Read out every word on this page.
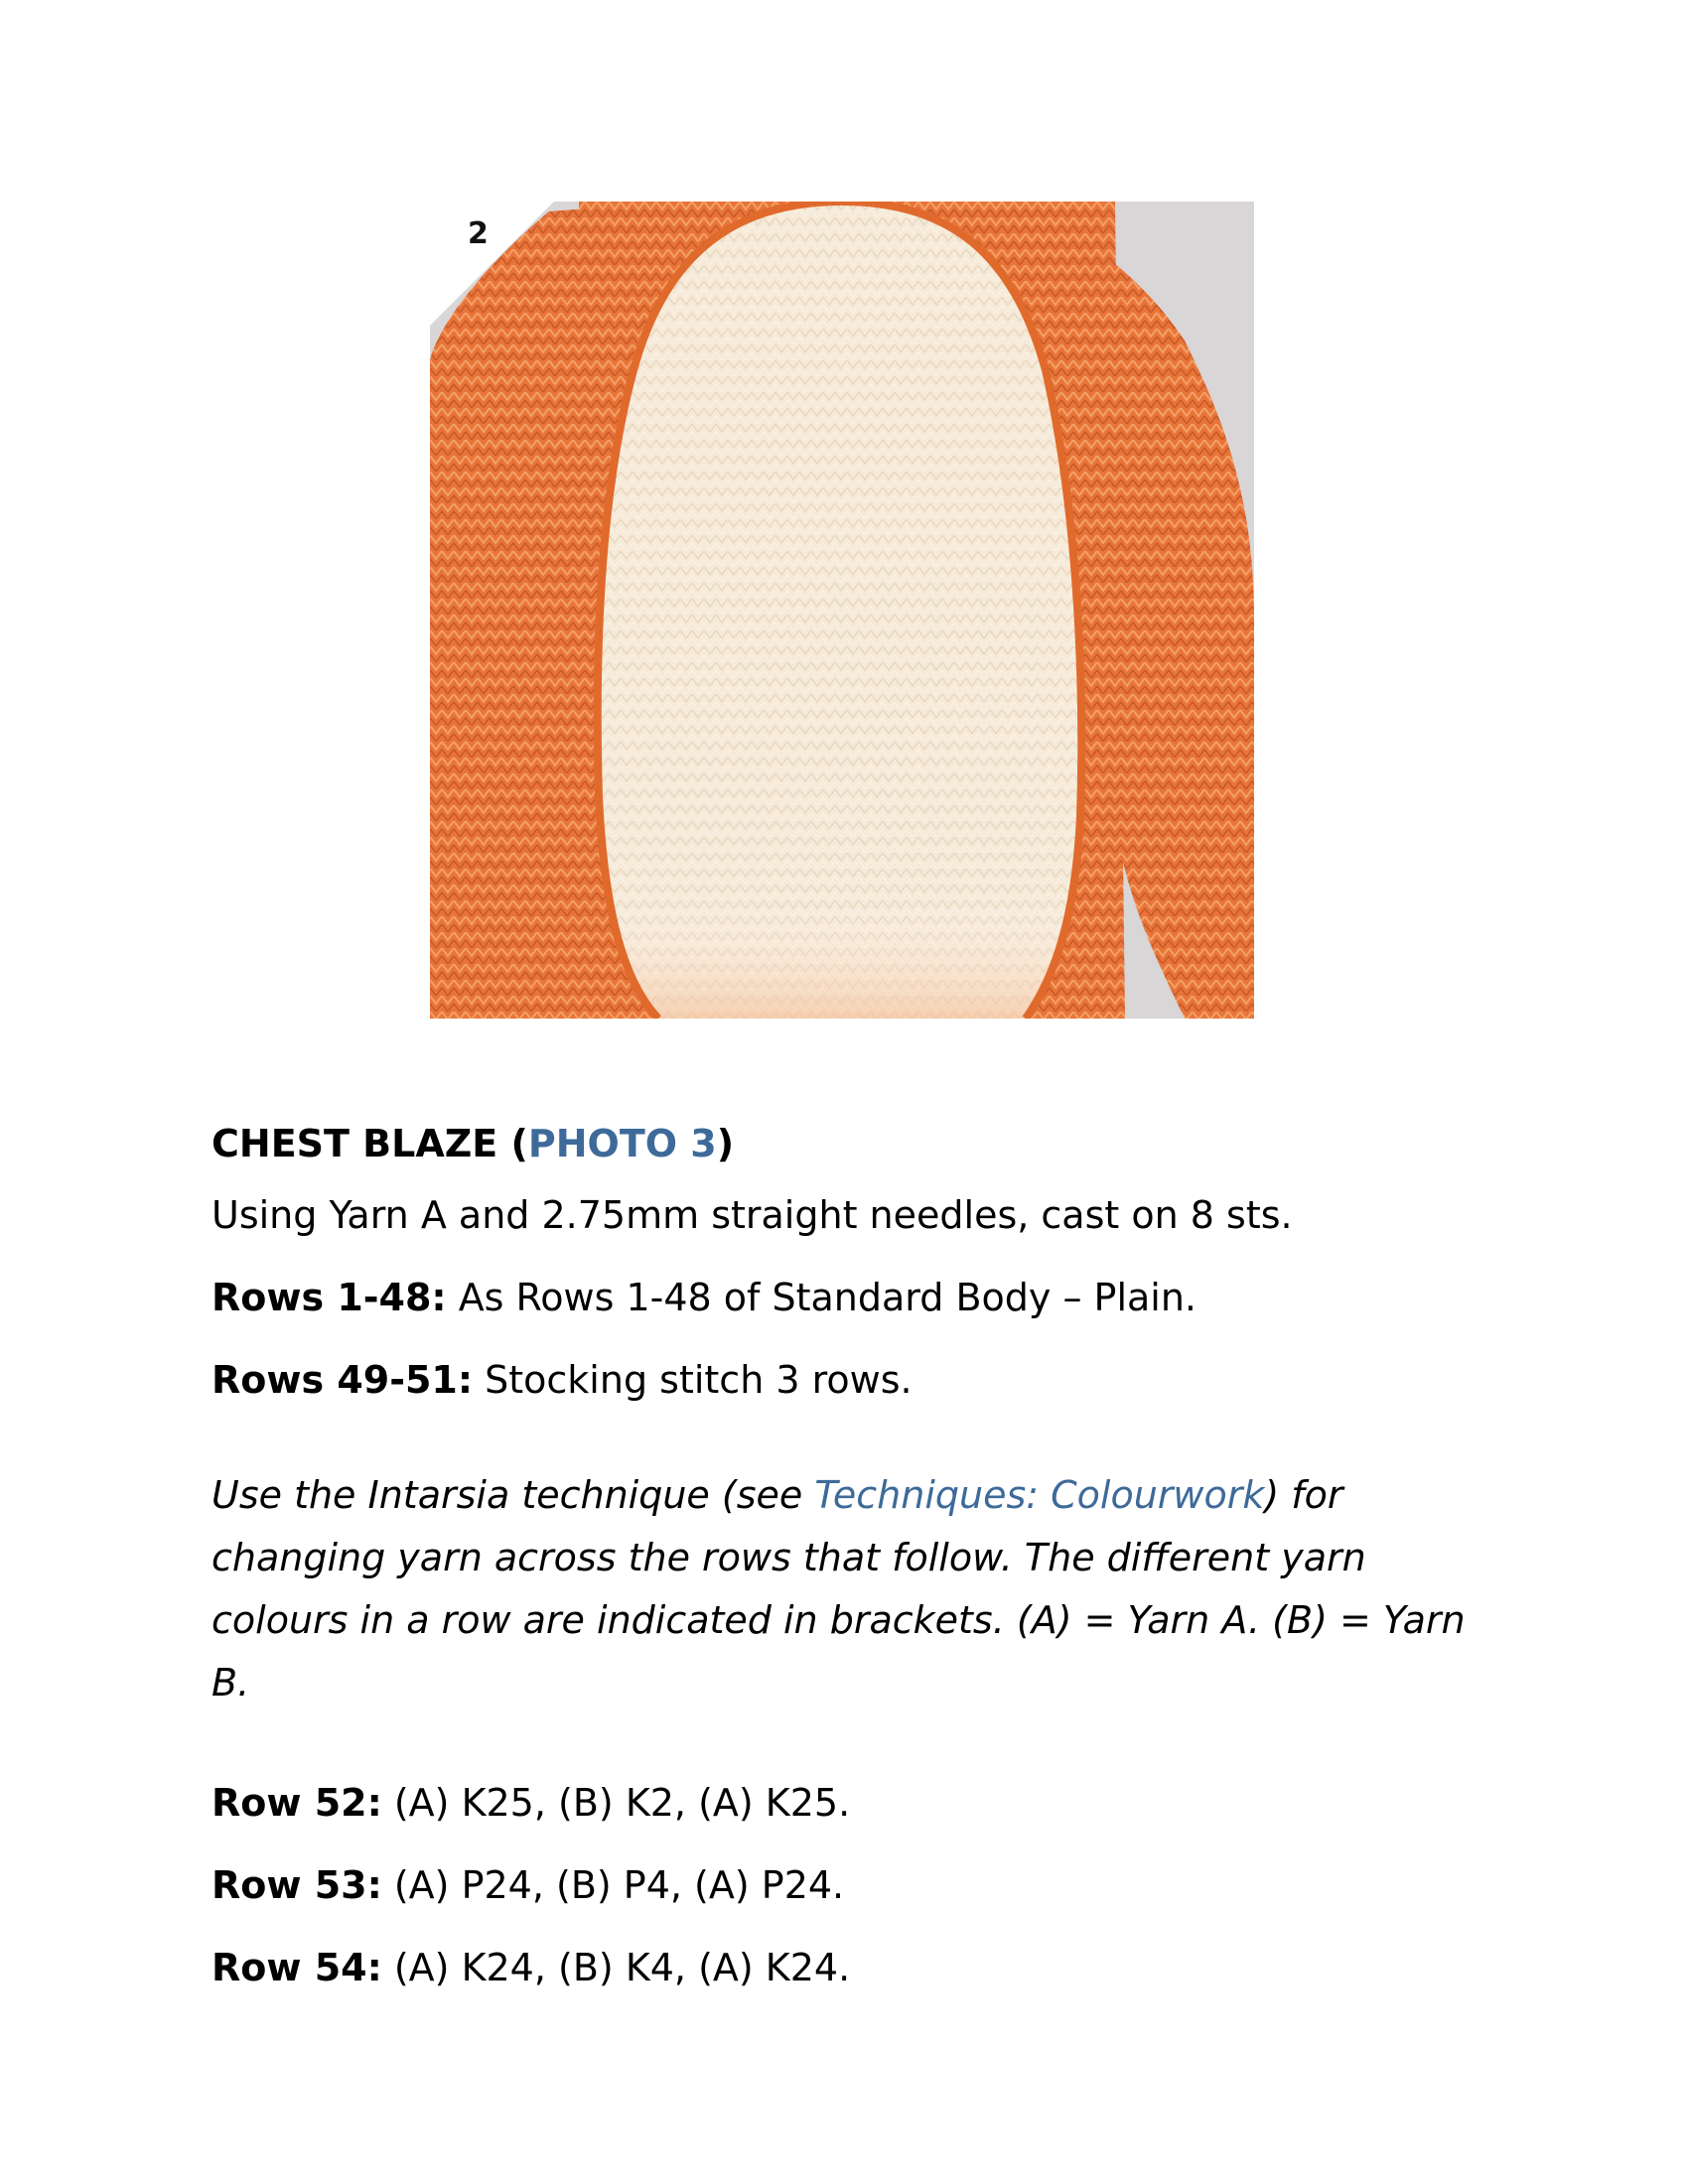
2
CHEST BLAZE (PHOTO 3)
Using Yarn A and 2.75mm straight needles, cast on 8 sts.
Rows 1-48: As Rows 1-48 of Standard Body – Plain.
Rows 49-51: Stocking stitch 3 rows.
Use the Intarsia technique (see Techniques: Colourwork) for changing yarn across the rows that follow. The different yarn colours in a row are indicated in brackets. (A) = Yarn A. (B) = Yarn B.
Row 52: (A) K25, (B) K2, (A) K25.
Row 53: (A) P24, (B) P4, (A) P24.
Row 54: (A) K24, (B) K4, (A) K24.
